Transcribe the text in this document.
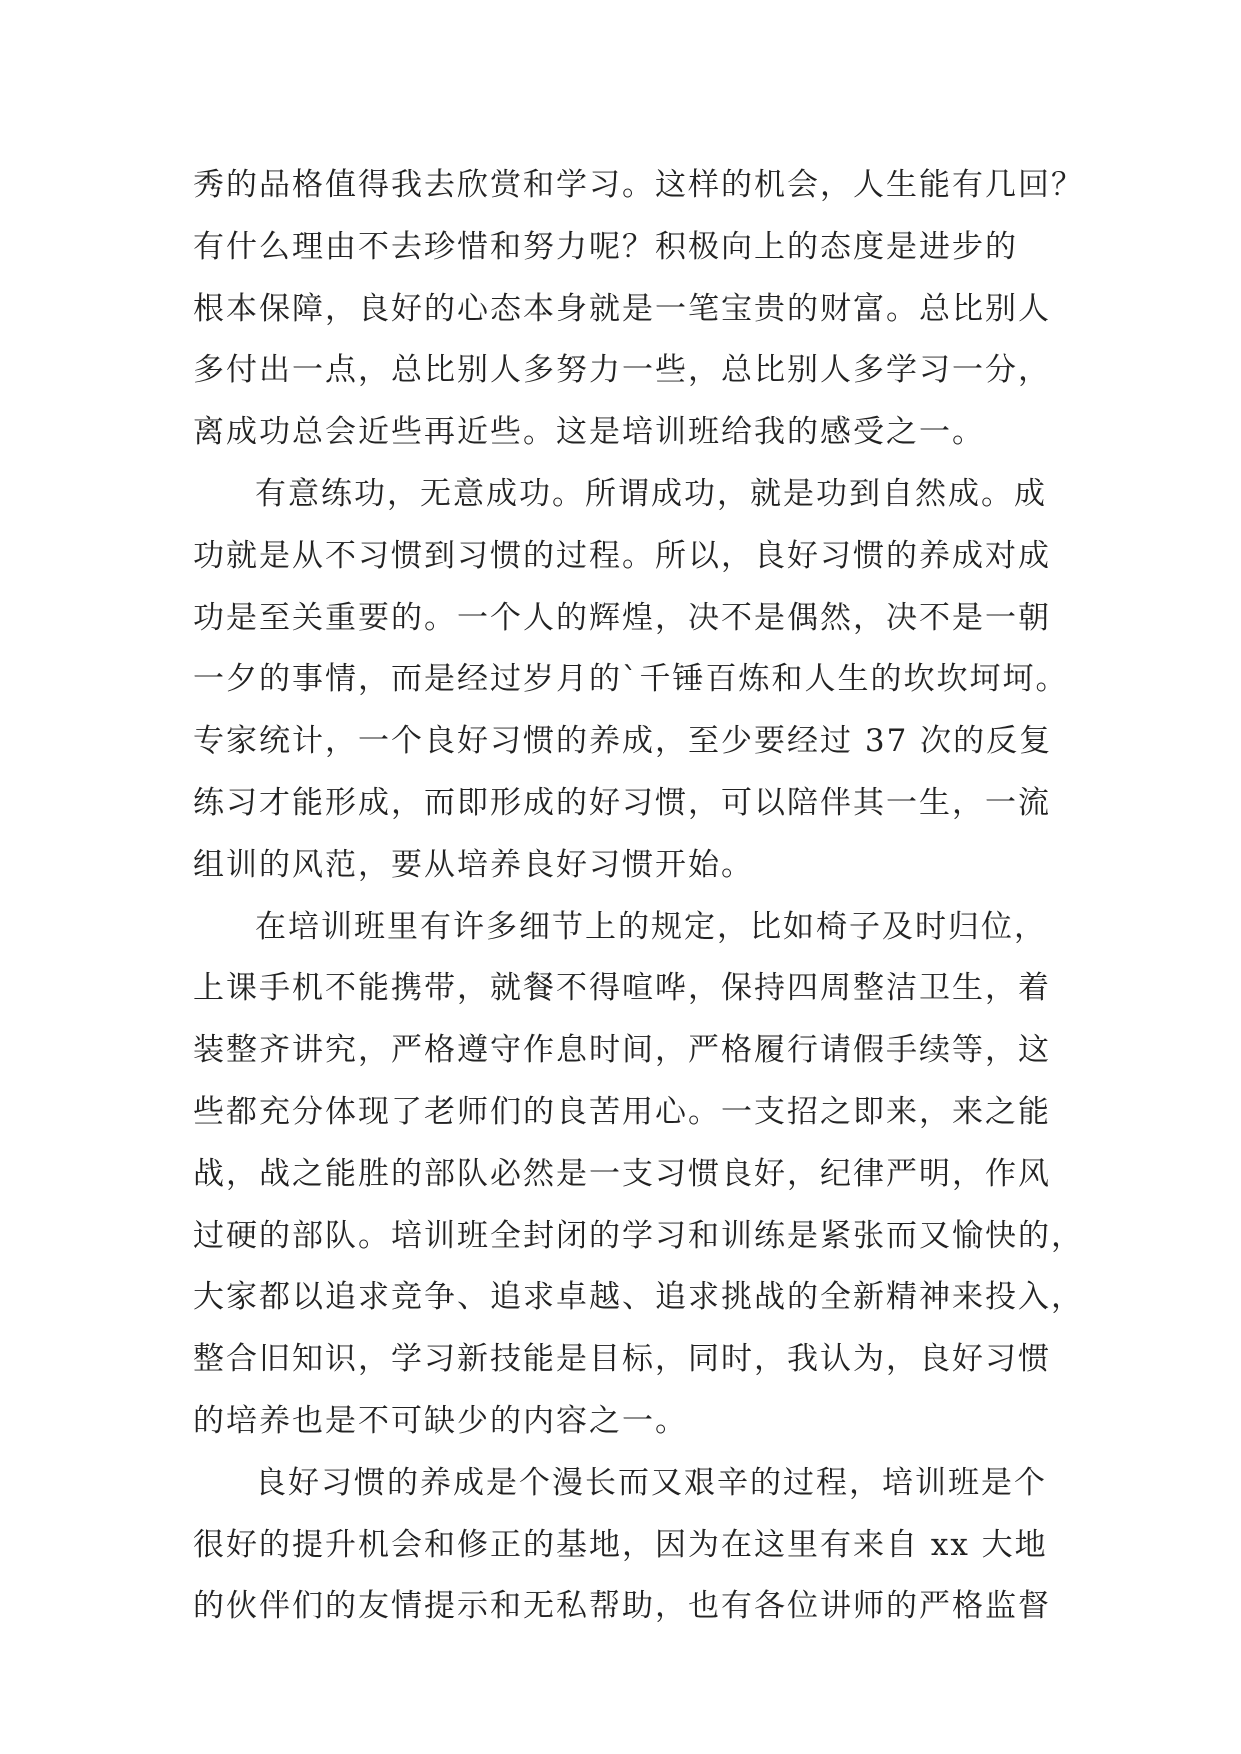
秀的品格值得我去欣赏和学习。这样的机会，人生能有几回？
有什么理由不去珍惜和努力呢？积极向上的态度是进步的
根本保障，良好的心态本身就是一笔宝贵的财富。总比别人
多付出一点，总比别人多努力一些，总比别人多学习一分，
离成功总会近些再近些。这是培训班给我的感受之一。
有意练功，无意成功。所谓成功，就是功到自然成。成
功就是从不习惯到习惯的过程。所以，良好习惯的养成对成
功是至关重要的。一个人的辉煌，决不是偶然，决不是一朝
一夕的事情，而是经过岁月的`千锤百炼和人生的坎坎坷坷。
专家统计，一个良好习惯的养成，至少要经过 37 次的反复
练习才能形成，而即形成的好习惯，可以陪伴其一生，一流
组训的风范，要从培养良好习惯开始。
在培训班里有许多细节上的规定，比如椅子及时归位，
上课手机不能携带，就餐不得喧哗，保持四周整洁卫生，着
装整齐讲究，严格遵守作息时间，严格履行请假手续等，这
些都充分体现了老师们的良苦用心。一支招之即来，来之能
战，战之能胜的部队必然是一支习惯良好，纪律严明，作风
过硬的部队。培训班全封闭的学习和训练是紧张而又愉快的，
大家都以追求竞争、追求卓越、追求挑战的全新精神来投入，
整合旧知识，学习新技能是目标，同时，我认为，良好习惯
的培养也是不可缺少的内容之一。
良好习惯的养成是个漫长而又艰辛的过程，培训班是个
很好的提升机会和修正的基地，因为在这里有来自 xx 大地
的伙伴们的友情提示和无私帮助，也有各位讲师的严格监督
